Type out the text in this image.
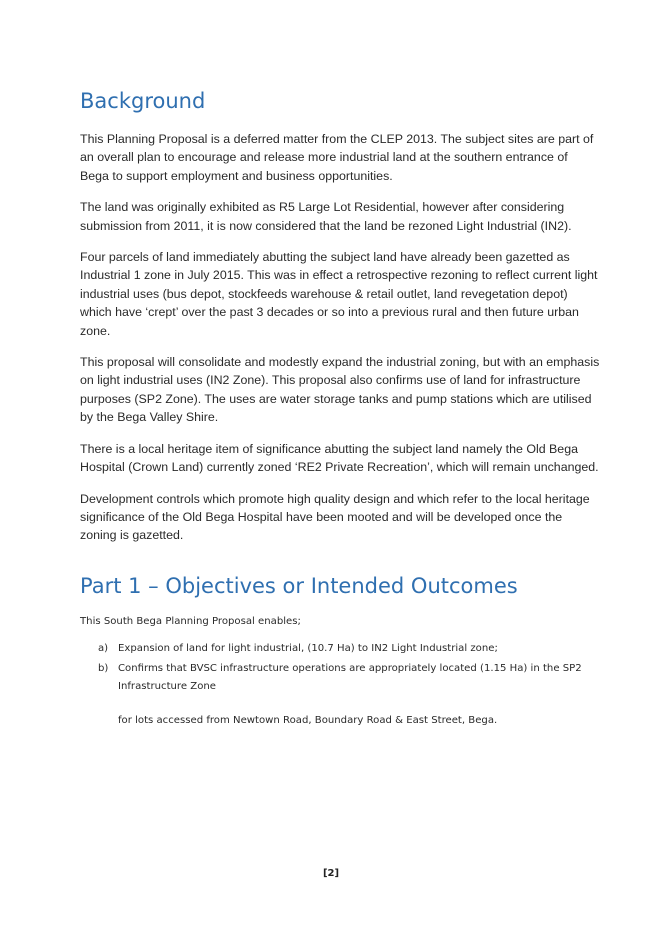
Background

This Planning Proposal is a deferred matter from the CLEP 2013. The subject sites are part of an overall plan to encourage and release more industrial land at the southern entrance of Bega to support employment and business opportunities.

The land was originally exhibited as R5 Large Lot Residential, however after considering submission from 2011, it is now considered that the land be rezoned Light Industrial (IN2).

Four parcels of land immediately abutting the subject land have already been gazetted as Industrial 1 zone in July 2015. This was in effect a retrospective rezoning to reflect current light industrial uses (bus depot, stockfeeds warehouse & retail outlet, land revegetation depot) which have ‘crept’ over the past 3 decades or so into a previous rural and then future urban zone.

This proposal will consolidate and modestly expand the industrial zoning, but with an emphasis on light industrial uses (IN2 Zone). This proposal also confirms use of land for infrastructure purposes (SP2 Zone). The uses are water storage tanks and pump stations which are utilised by the Bega Valley Shire.

There is a local heritage item of significance abutting the subject land namely the Old Bega Hospital (Crown Land) currently zoned ‘RE2 Private Recreation’, which will remain unchanged.

Development controls which promote high quality design and which refer to the local heritage significance of the Old Bega Hospital have been mooted and will be developed once the zoning is gazetted.

Part 1 – Objectives or Intended Outcomes

This South Bega Planning Proposal enables;

a) Expansion of land for light industrial, (10.7 Ha) to IN2 Light Industrial zone;
b) Confirms that BVSC infrastructure operations are appropriately located (1.15 Ha) in the SP2 Infrastructure Zone

for lots accessed from Newtown Road, Boundary Road & East Street, Bega.

[2]
